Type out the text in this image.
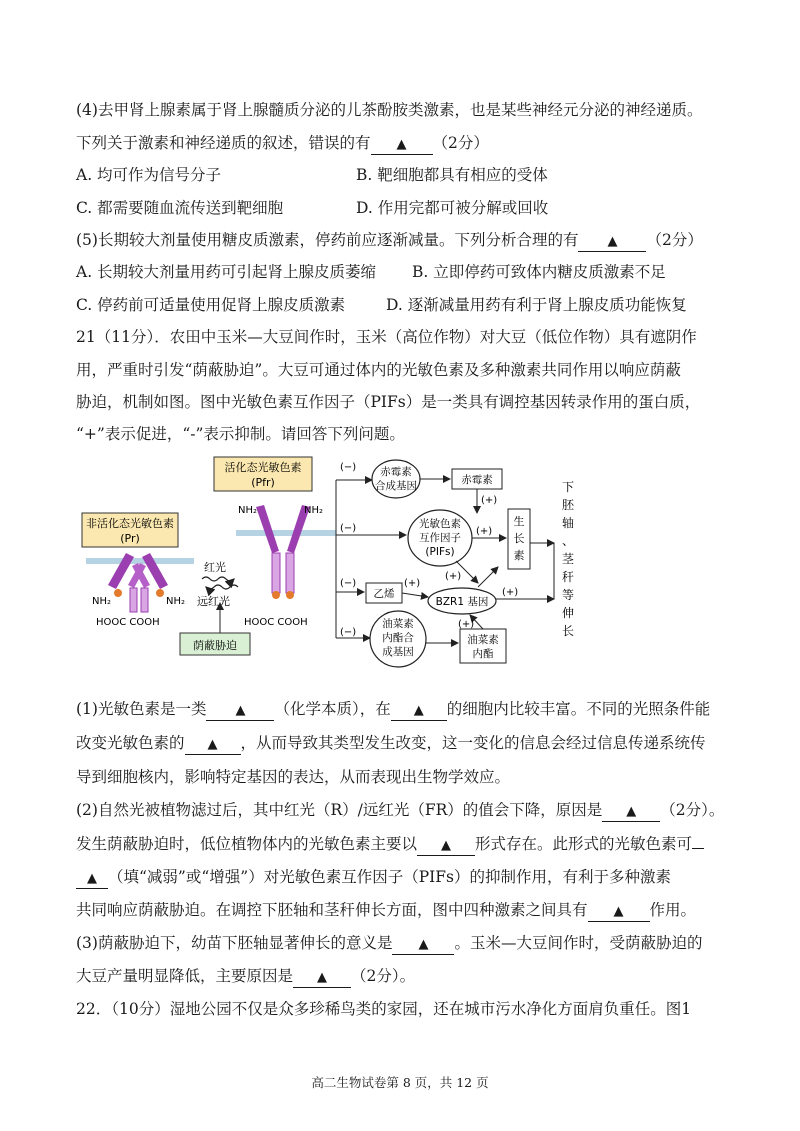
(4)去甲肾上腺素属于肾上腺髓质分泌的儿茶酚胺类激素，也是某些神经元分泌的神经递质。
下列关于激素和神经递质的叙述，错误的有 ▲ （2分）
A. 均可作为信号分子	B. 靶细胞都具有相应的受体
C. 都需要随血流传送到靶细胞	D. 作用完都可被分解或回收
(5)长期较大剂量使用糖皮质激素，停药前应逐渐减量。下列分析合理的有 ▲ （2分）
A. 长期较大剂量用药可引起肾上腺皮质萎缩 B. 立即停药可致体内糖皮质激素不足
C. 停药前可适量使用促肾上腺皮质激素	D. 逐渐减量用药有利于肾上腺皮质功能恢复
21（11分）．农田中玉米—大豆间作时，玉米（高位作物）对大豆（低位作物）具有遮阴作
用，严重时引发“荫蔽胁迫”。大豆可通过体内的光敏色素及多种激素共同作用以响应荫蔽
胁迫，机制如图。图中光敏色素互作因子（PIFs）是一类具有调控基因转录作用的蛋白质，
“+”表示促进，“-”表示抑制。请回答下列问题。
活化态光敏色素
(Pfr)
非活化态光敏色素
(Pr)
NH₂	NH₂
HOOC COOH
红光
远红光
荫蔽胁迫
NH₂	NH₂
HOOC COOH
(−)
(−)
(−)
(−)
赤霉素
合成基因	赤霉素
(+)
光敏色素
互作因子
(PIFs)
(+)
生
长
素
乙烯
(+)
(+)
BZR1 基因
(+)
油菜素
内酯合
成基因
油菜素
内酯
(+)
下
胚
轴
、
茎
秆
等
伸
长
(1)光敏色素是一类 ▲ （化学本质），在 ▲ 的细胞内比较丰富。不同的光照条件能
改变光敏色素的 ▲ ，从而导致其类型发生改变，这一变化的信息会经过信息传递系统传
导到细胞核内，影响特定基因的表达，从而表现出生物学效应。
(2)自然光被植物滤过后，其中红光（R）/远红光（FR）的值会下降，原因是 ▲ （2分）。
发生荫蔽胁迫时，低位植物体内的光敏色素主要以 ▲ 形式存在。此形式的光敏色素可
▲ （填“减弱”或“增强”）对光敏色素互作因子（PIFs）的抑制作用，有利于多种激素
共同响应荫蔽胁迫。在调控下胚轴和茎秆伸长方面，图中四种激素之间具有 ▲ 作用。
(3)荫蔽胁迫下，幼苗下胚轴显著伸长的意义是 ▲ 。玉米—大豆间作时，受荫蔽胁迫的
大豆产量明显降低，主要原因是 ▲ （2分）。
22．（10分）湿地公园不仅是众多珍稀鸟类的家园，还在城市污水净化方面肩负重任。图1
高二生物试卷第 8 页，共 12 页
